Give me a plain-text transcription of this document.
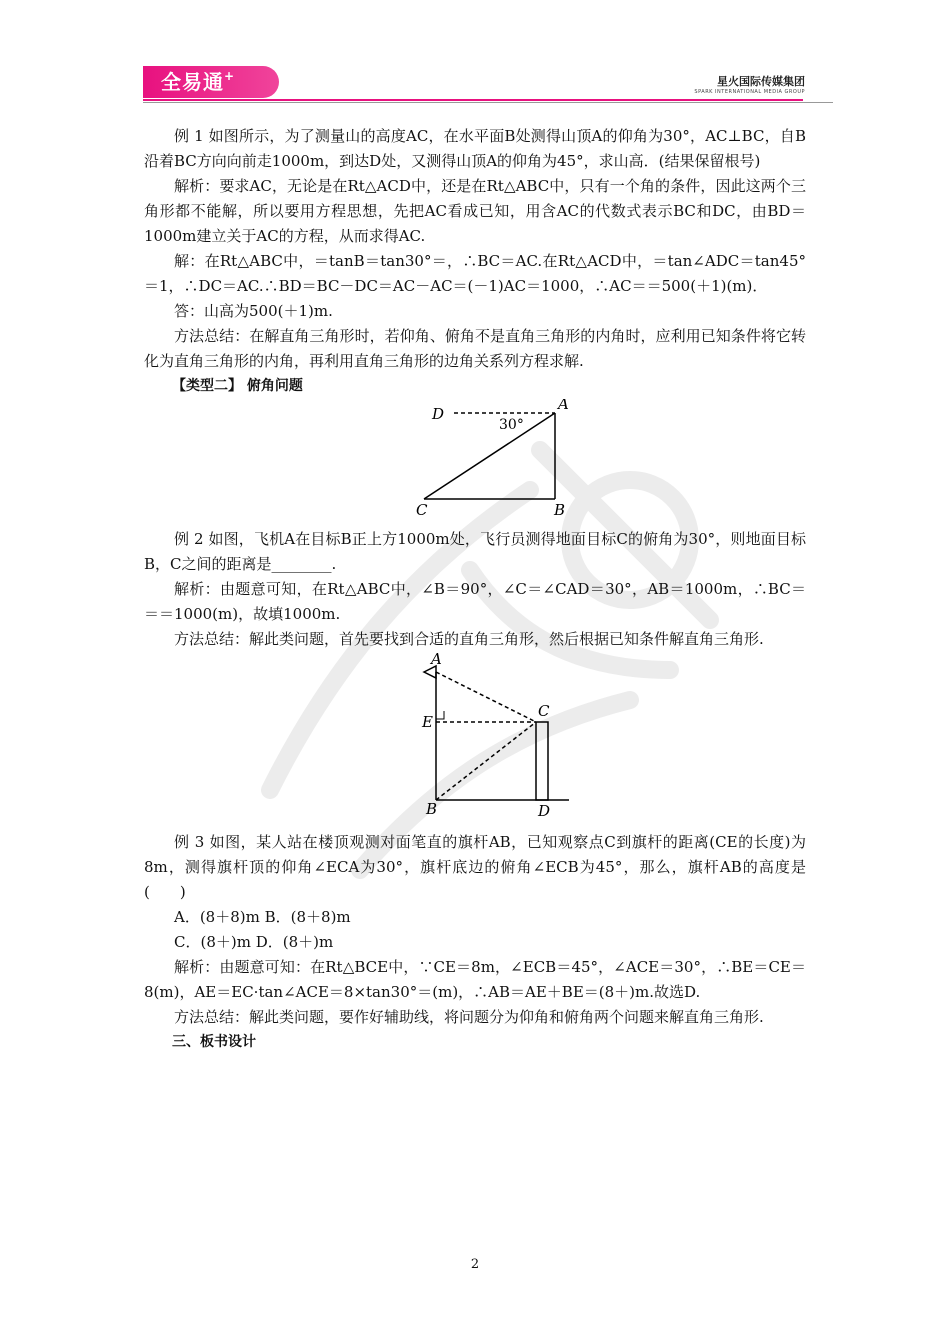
全易通+	星火国际传媒集团
SPARK INTERNATIONAL MEDIA GROUP

例 1 如图所示，为了测量山的高度AC，在水平面B处测得山顶A的仰角为30°，AC⊥BC，自B沿着BC方向向前走1000m，到达D处，又测得山顶A的仰角为45°，求山高．(结果保留根号)

解析：要求AC，无论是在Rt△ACD中，还是在Rt△ABC中，只有一个角的条件，因此这两个三角形都不能解，所以要用方程思想，先把AC看成已知，用含AC的代数式表示BC和DC，由BD＝1000m建立关于AC的方程，从而求得AC.

解：在Rt△ABC中，＝tanB＝tan30°＝，∴BC＝AC.在Rt△ACD中，＝tan∠ADC＝tan45°＝1，∴DC＝AC.∴BD＝BC－DC＝AC－AC＝(－1)AC＝1000，∴AC＝＝500(＋1)(m)．

答：山高为500(＋1)m.

方法总结：在解直角三角形时，若仰角、俯角不是直角三角形的内角时，应利用已知条件将它转化为直角三角形的内角，再利用直角三角形的边角关系列方程求解.

【类型二】 俯角问题

D
A
C	B
30°

例 2 如图，飞机A在目标B正上方1000m处，飞行员测得地面目标C的俯角为30°，则地面目标B，C之间的距离是________.

解析：由题意可知，在Rt△ABC中，∠B＝90°，∠C＝∠CAD＝30°，AB＝1000m，∴BC＝＝＝1000(m)，故填1000m.

方法总结：解此类问题，首先要找到合适的直角三角形，然后根据已知条件解直角三角形.

A
C
E
B	D

例 3 如图，某人站在楼顶观测对面笔直的旗杆AB，已知观察点C到旗杆的距离(CE的长度)为8m，测得旗杆顶的仰角∠ECA为30°，旗杆底边的俯角∠ECB为45°，那么，旗杆AB的高度是(　　)

A．(8＋8)m B．(8＋8)m

C．(8＋)m D．(8＋)m

解析：由题意可知：在Rt△BCE中，∵CE＝8m，∠ECB＝45°，∠ACE＝30°，∴BE＝CE＝8(m)，AE＝EC·tan∠ACE＝8×tan30°＝(m)，∴AB＝AE＋BE＝(8＋)m.故选D.

方法总结：解此类问题，要作好辅助线，将问题分为仰角和俯角两个问题来解直角三角形.

三、板书设计

2
